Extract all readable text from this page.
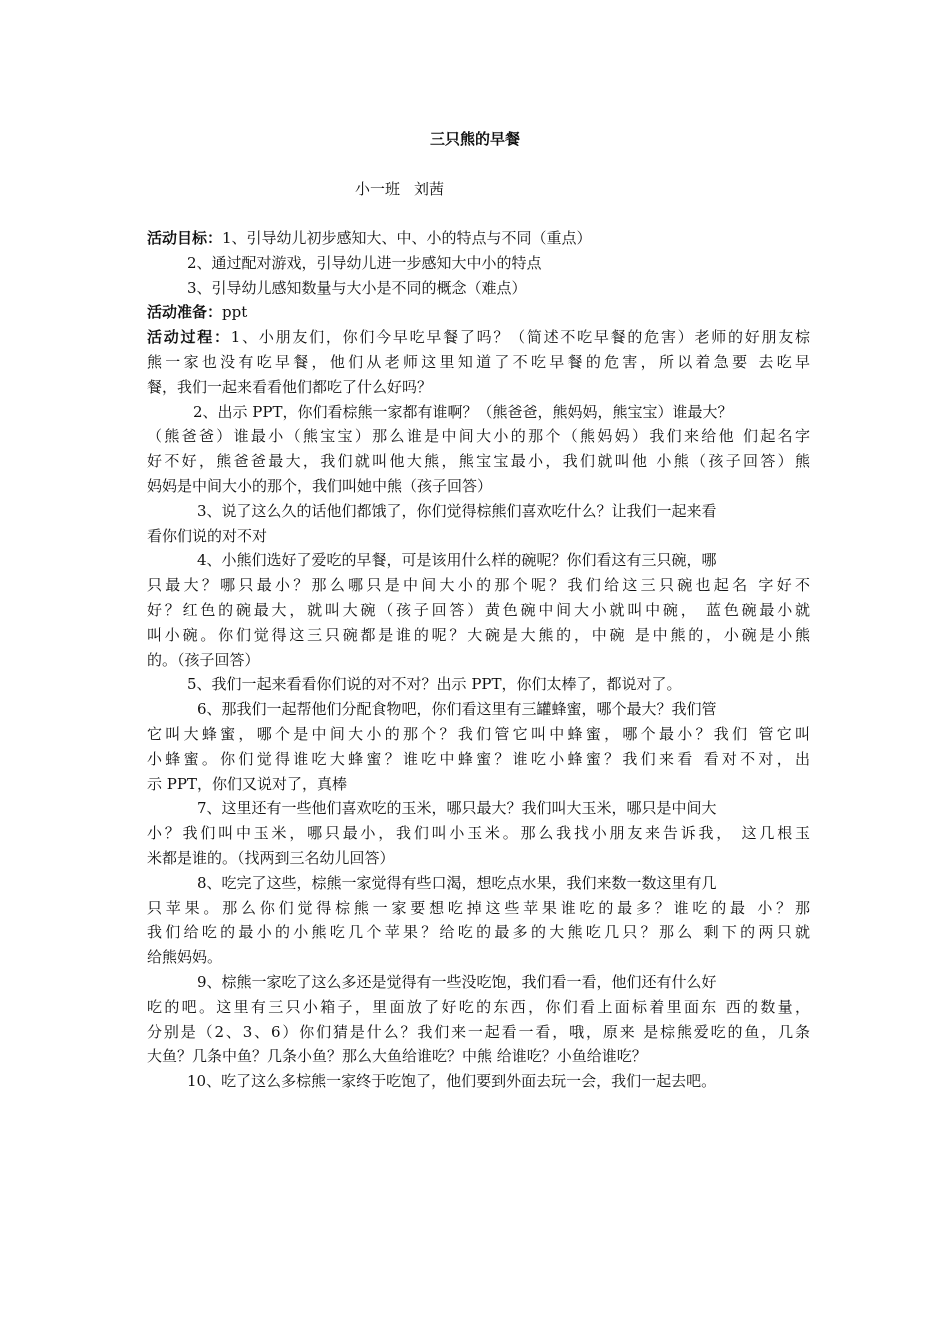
三只熊的早餐
小一班 刘茜
活动目标：1、引导幼儿初步感知大、中、小的特点与不同（重点）
2、通过配对游戏，引导幼儿进一步感知大中小的特点
3、引导幼儿感知数量与大小是不同的概念（难点）
活动准备：ppt
活动过程：1、小朋友们，你们今早吃早餐了吗？（简述不吃早餐的危害）老师的好朋友棕
熊一家也没有吃早餐，他们从老师这里知道了不吃早餐的危害，所以着急要 去吃早
餐，我们一起来看看他们都吃了什么好吗？
2、出示 PPT，你们看棕熊一家都有谁啊？（熊爸爸，熊妈妈，熊宝宝）谁最大？
（熊爸爸）谁最小（熊宝宝）那么谁是中间大小的那个（熊妈妈）我们来给他 们起名字
好不好，熊爸爸最大，我们就叫他大熊，熊宝宝最小，我们就叫他 小熊（孩子回答）熊
妈妈是中间大小的那个，我们叫她中熊（孩子回答）
3、说了这么久的话他们都饿了，你们觉得棕熊们喜欢吃什么？让我们一起来看
看你们说的对不对
4、小熊们选好了爱吃的早餐，可是该用什么样的碗呢？你们看这有三只碗，哪
只最大？哪只最小？那么哪只是中间大小的那个呢？我们给这三只碗也起名 字好不
好？红色的碗最大，就叫大碗（孩子回答）黄色碗中间大小就叫中碗， 蓝色碗最小就
叫小碗。你们觉得这三只碗都是谁的呢？大碗是大熊的，中碗 是中熊的，小碗是小熊
的。（孩子回答）
5、我们一起来看看你们说的对不对？出示 PPT，你们太棒了，都说对了。
6、那我们一起帮他们分配食物吧，你们看这里有三罐蜂蜜，哪个最大？我们管
它叫大蜂蜜，哪个是中间大小的那个？我们管它叫中蜂蜜，哪个最小？我们 管它叫
小蜂蜜。你们觉得谁吃大蜂蜜？谁吃中蜂蜜？谁吃小蜂蜜？我们来看 看对不对，出
示 PPT，你们又说对了，真棒
7、这里还有一些他们喜欢吃的玉米，哪只最大？我们叫大玉米，哪只是中间大
小？我们叫中玉米，哪只最小，我们叫小玉米。那么我找小朋友来告诉我， 这几根玉
米都是谁的。（找两到三名幼儿回答）
8、吃完了这些，棕熊一家觉得有些口渴，想吃点水果，我们来数一数这里有几
只苹果。那么你们觉得棕熊一家要想吃掉这些苹果谁吃的最多？谁吃的最 小？那
我们给吃的最小的小熊吃几个苹果？给吃的最多的大熊吃几只？那么 剩下的两只就
给熊妈妈。
9、棕熊一家吃了这么多还是觉得有一些没吃饱，我们看一看，他们还有什么好
吃的吧。这里有三只小箱子，里面放了好吃的东西，你们看上面标着里面东 西的数量，
分别是（2、3、6）你们猜是什么？我们来一起看一看，哦，原来 是棕熊爱吃的鱼，几条
大鱼？几条中鱼？几条小鱼？那么大鱼给谁吃？中熊 给谁吃？小鱼给谁吃？
10、吃了这么多棕熊一家终于吃饱了，他们要到外面去玩一会，我们一起去吧。
